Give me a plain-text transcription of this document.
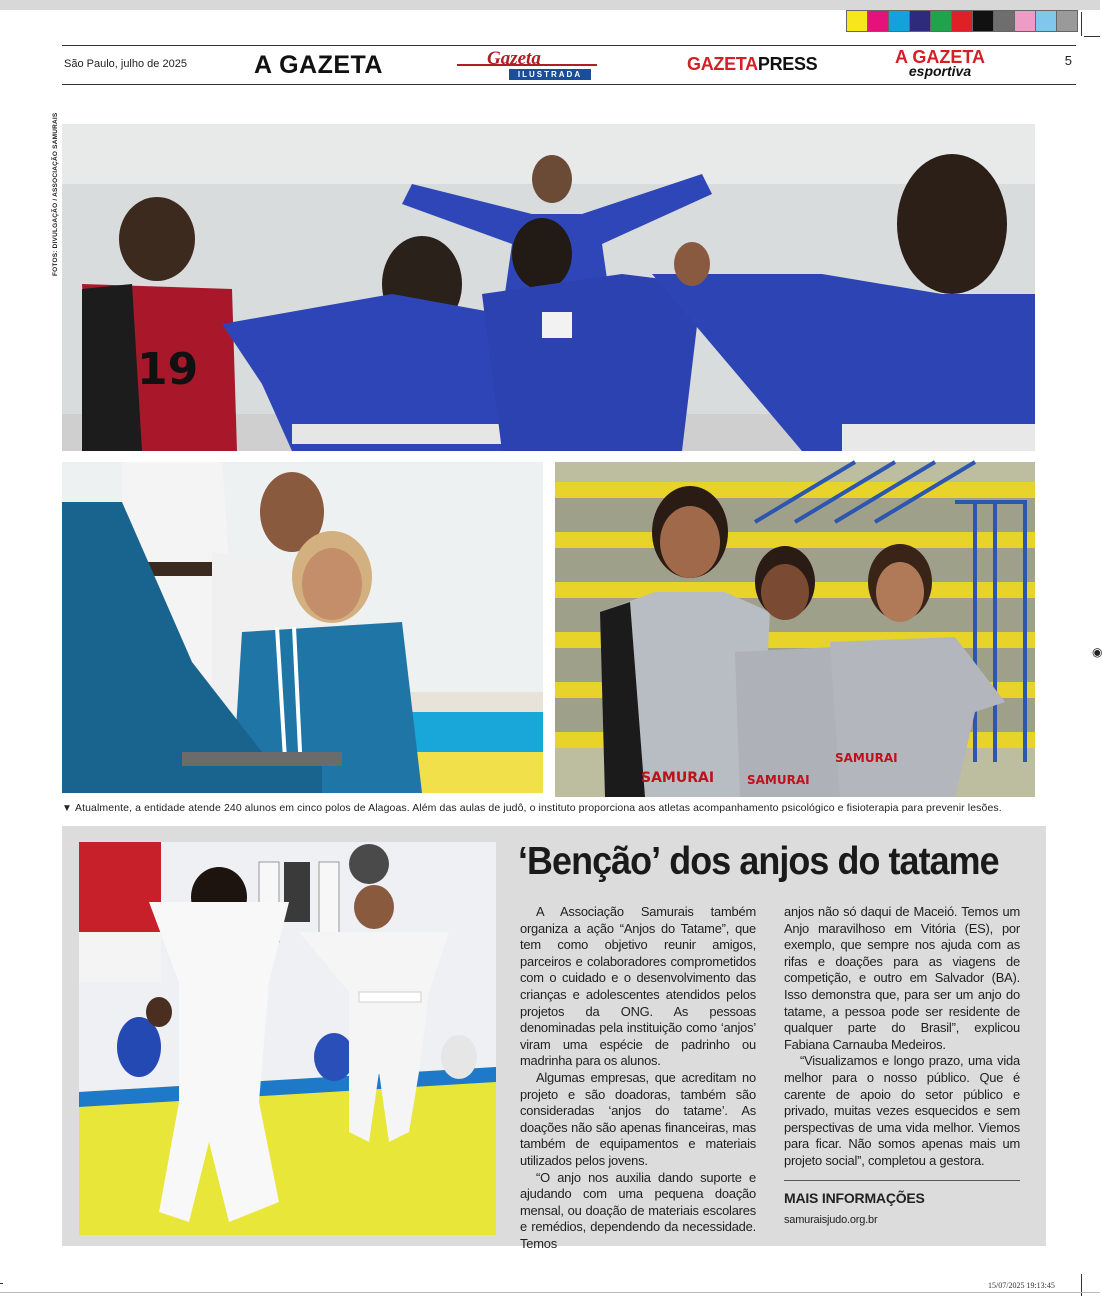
◉
São Paulo, julho de 2025	A GAZETA	Gazeta
ILUSTRADA
GAZETAPRESS	A GAZETA
esportiva
5
FOTOS: DIVULGAÇÃO / ASSOCIAÇÃO SAMURAIS
19
SAMURAI	SAMURAI
SAMURAI
▼ Atualmente, a entidade atende 240 alunos em cinco polos de Alagoas. Além das aulas de judô, o instituto proporciona aos atletas acompanhamento psicológico e fisioterapia para prevenir lesões.
‘Bençãoʼ dos anjos do tatame

A Associação Samurais também organiza a ação “Anjos do Tatame”, que tem como objetivo reunir amigos, parceiros e colaboradores comprometidos com o cuidado e o desenvolvimento das crianças e adolescentes atendidos pelos projetos da ONG. As pessoas denominadas pela instituição como ‘anjos’ viram uma espécie de padrinho ou madrinha para os alunos.

Algumas empresas, que acreditam no projeto e são doadoras, também são consideradas ‘anjos do tatame’. As doações não são apenas financeiras, mas também de equipamentos e materiais utilizados pelos jovens.

“O anjo nos auxilia dando suporte e ajudando com uma pequena doação mensal, ou doação de materiais escolares e remédios, dependendo da necessidade. Temos

anjos não só daqui de Maceió. Temos um Anjo maravilhoso em Vitória (ES), por exemplo, que sempre nos ajuda com as rifas e doações para as viagens de competição, e outro em Salvador (BA). Isso demonstra que, para ser um anjo do tatame, a pessoa pode ser residente de qualquer parte do Brasil”, explicou Fabiana Carnauba Medeiros.

“Visualizamos e longo prazo, uma vida melhor para o nosso público. Que é carente de apoio do setor público e privado, muitas vezes esquecidos e sem perspectivas de uma vida melhor. Viemos para ficar. Não somos apenas mais um projeto social”, completou a gestora.

MAIS INFORMAÇÕES
samuraisjudo.org.br
15/07/2025 19:13:45
